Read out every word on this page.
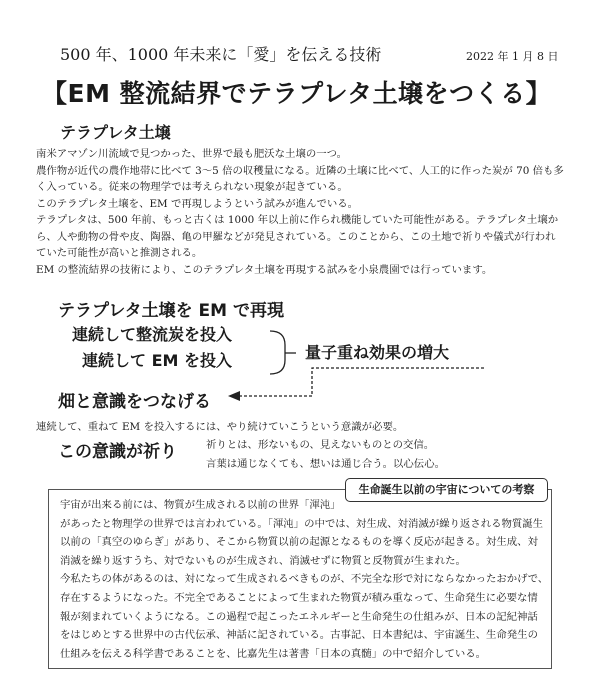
500 年、1000 年未来に「愛」を伝える技術	2022 年 1 月 8 日
【EM 整流結界でテラプレタ土壌をつくる】
テラプレタ土壌
南米アマゾン川流域で見つかった、世界で最も肥沃な土壌の一つ。
農作物が近代の農作地帯に比べて 3～5 倍の収穫量になる。近隣の土壌に比べて、人工的に作った炭が 70 倍も多
く入っている。従来の物理学では考えられない現象が起きている。
このテラプレタ土壌を、EM で再現しようという試みが進んでいる。
テラプレタは、500 年前、もっと古くは 1000 年以上前に作られ機能していた可能性がある。テラプレタ土壌か
ら、人や動物の骨や皮、陶器、亀の甲羅などが発見されている。このことから、この土地で祈りや儀式が行われ
ていた可能性が高いと推測される。
EM の整流結界の技術により、このテラプレタ土壌を再現する試みを小泉農園では行っています。
テラプレタ土壌を EM で再現
連続して整流炭を投入
連続して EM を投入	量子重ね効果の増大
畑と意識をつなげる
連続して、重ねて EM を投入するには、やり続けていこうという意識が必要。
この意識が祈り	祈りとは、形ないもの、見えないものとの交信。
言葉は通じなくても、想いは通じ合う。以心伝心。
生命誕生以前の宇宙についての考察
宇宙が出来る前には、物質が生成される以前の世界「渾沌」
があったと物理学の世界では言われている。「渾沌」の中では、対生成、対消滅が繰り返される物質誕生
以前の「真空のゆらぎ」があり、そこから物質以前の起源となるものを導く反応が起きる。対生成、対
消滅を繰り返すうち、対でないものが生成され、消滅せずに物質と反物質が生まれた。
今私たちの体があるのは、対になって生成されるべきものが、不完全な形で対にならなかったおかげで、
存在するようになった。不完全であることによって生まれた物質が積み重なって、生命発生に必要な情
報が刻まれていくようになる。この過程で起こったエネルギーと生命発生の仕組みが、日本の記紀神話
をはじめとする世界中の古代伝承、神話に記されている。古事記、日本書紀は、宇宙誕生、生命発生の
仕組みを伝える科学書であることを、比嘉先生は著書「日本の真髄」の中で紹介している。
